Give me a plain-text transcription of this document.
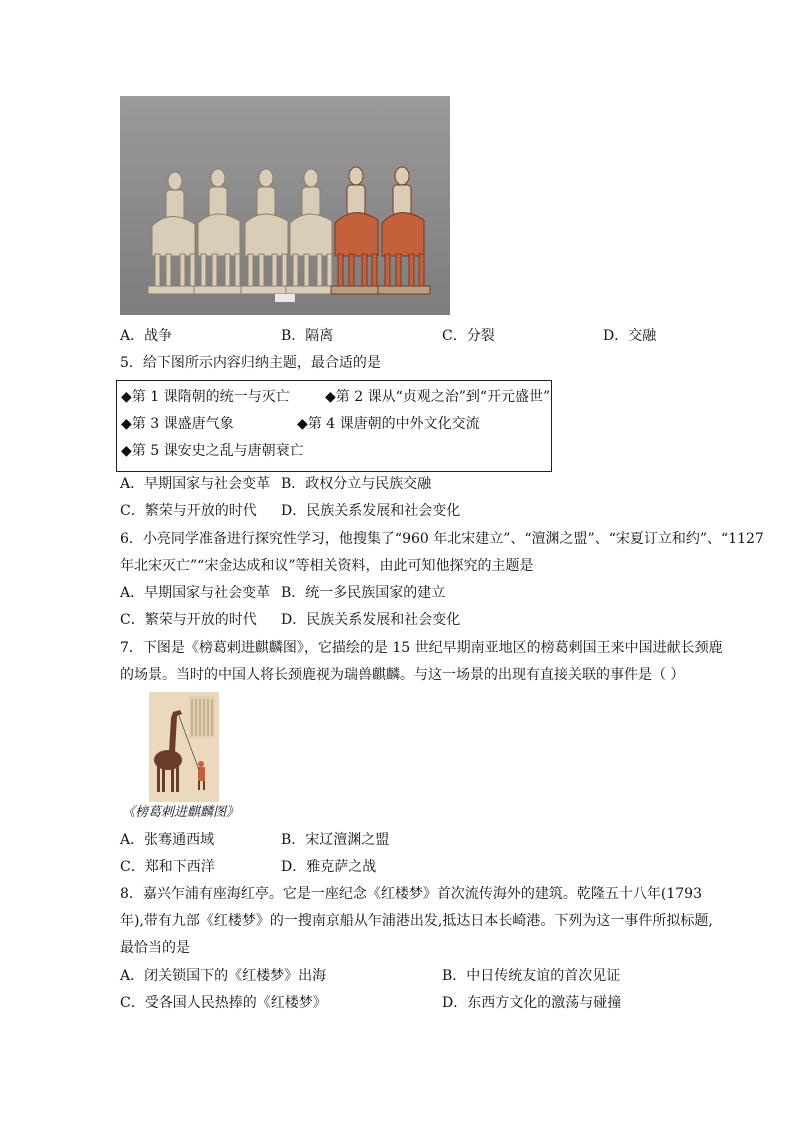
A．战争	B．隔离	C．分裂	D．交融
5．给下图所示内容归纳主题，最合适的是
◆第 1 课隋朝的统一与灭亡	◆第 2 课从“贞观之治”到“开元盛世”
◆第 3 课盛唐气象	◆第 4 课唐朝的中外文化交流
◆第 5 课安史之乱与唐朝衰亡
A．早期国家与社会变革 B．政权分立与民族交融
C．繁荣与开放的时代 D．民族关系发展和社会变化
6．小亮同学准备进行探究性学习，他搜集了“960 年北宋建立”、“澶渊之盟”、“宋夏订立和约”、“1127
年北宋灭亡”“宋金达成和议”等相关资料，由此可知他探究的主题是
A．早期国家与社会变革 B．统一多民族国家的建立
C．繁荣与开放的时代 D．民族关系发展和社会变化
7．下图是《榜葛剌进麒麟图》，它描绘的是 15 世纪早期南亚地区的榜葛剌国王来中国进献长颈鹿
的场景。当时的中国人将长颈鹿视为瑞兽麒麟。与这一场景的出现有直接关联的事件是（ ）
《榜葛剌进麒麟图》
A．张骞通西域	B．宋辽澶渊之盟
C．郑和下西洋	D．雅克萨之战
8．嘉兴乍浦有座海红亭。它是一座纪念《红楼梦》首次流传海外的建筑。乾隆五十八年(1793
年),带有九部《红楼梦》的一搜南京船从乍浦港出发,抵达日本长崎港。下列为这一事件所拟标题,
最恰当的是
A．闭关锁国下的《红楼梦》出海	B．中日传统友谊的首次见证
C．受各国人民热捧的《红楼梦》	D．东西方文化的激荡与碰撞
